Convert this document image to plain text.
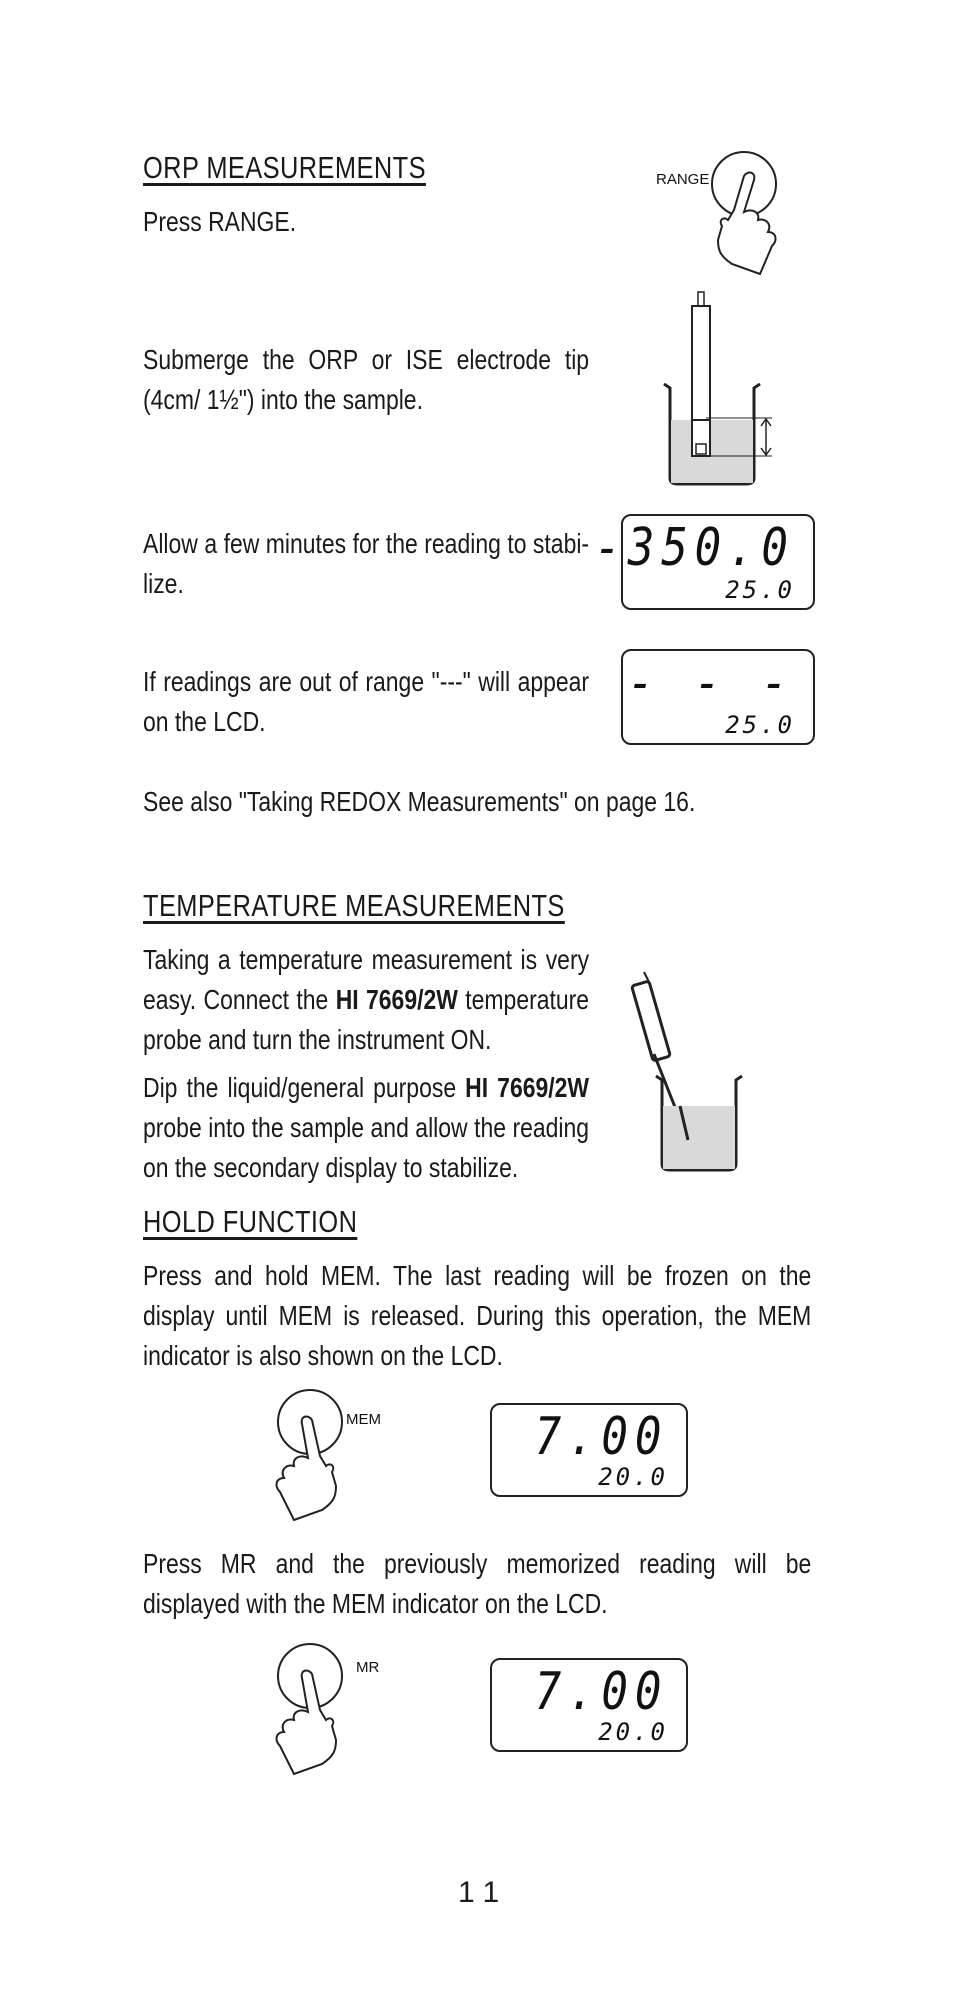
ORP MEASUREMENTS
Press RANGE.
RANGE
Submerge the ORP or ISE electrode tip (4cm/ 1½") into the sample.
Allow a few minutes for the reading to stabi-lize.
-350.0
25.0
If readings are out of range "---" will appear on the LCD.
- - -
25.0
See also "Taking REDOX Measurements" on page 16.
TEMPERATURE MEASUREMENTS
Taking a temperature measurement is very easy. Connect the HI 7669/2W temperature probe and turn the instrument ON.
Dip the liquid/general purpose HI 7669/2W probe into the sample and allow the reading on the secondary display to stabilize.
HOLD FUNCTION
Press and hold MEM. The last reading will be frozen on the display until MEM is released. During this operation, the MEM indicator is also shown on the LCD.
MEM	7.00
20.0
Press MR and the previously memorized reading will be displayed with the MEM indicator on the LCD.
MR	7.00
20.0
11
